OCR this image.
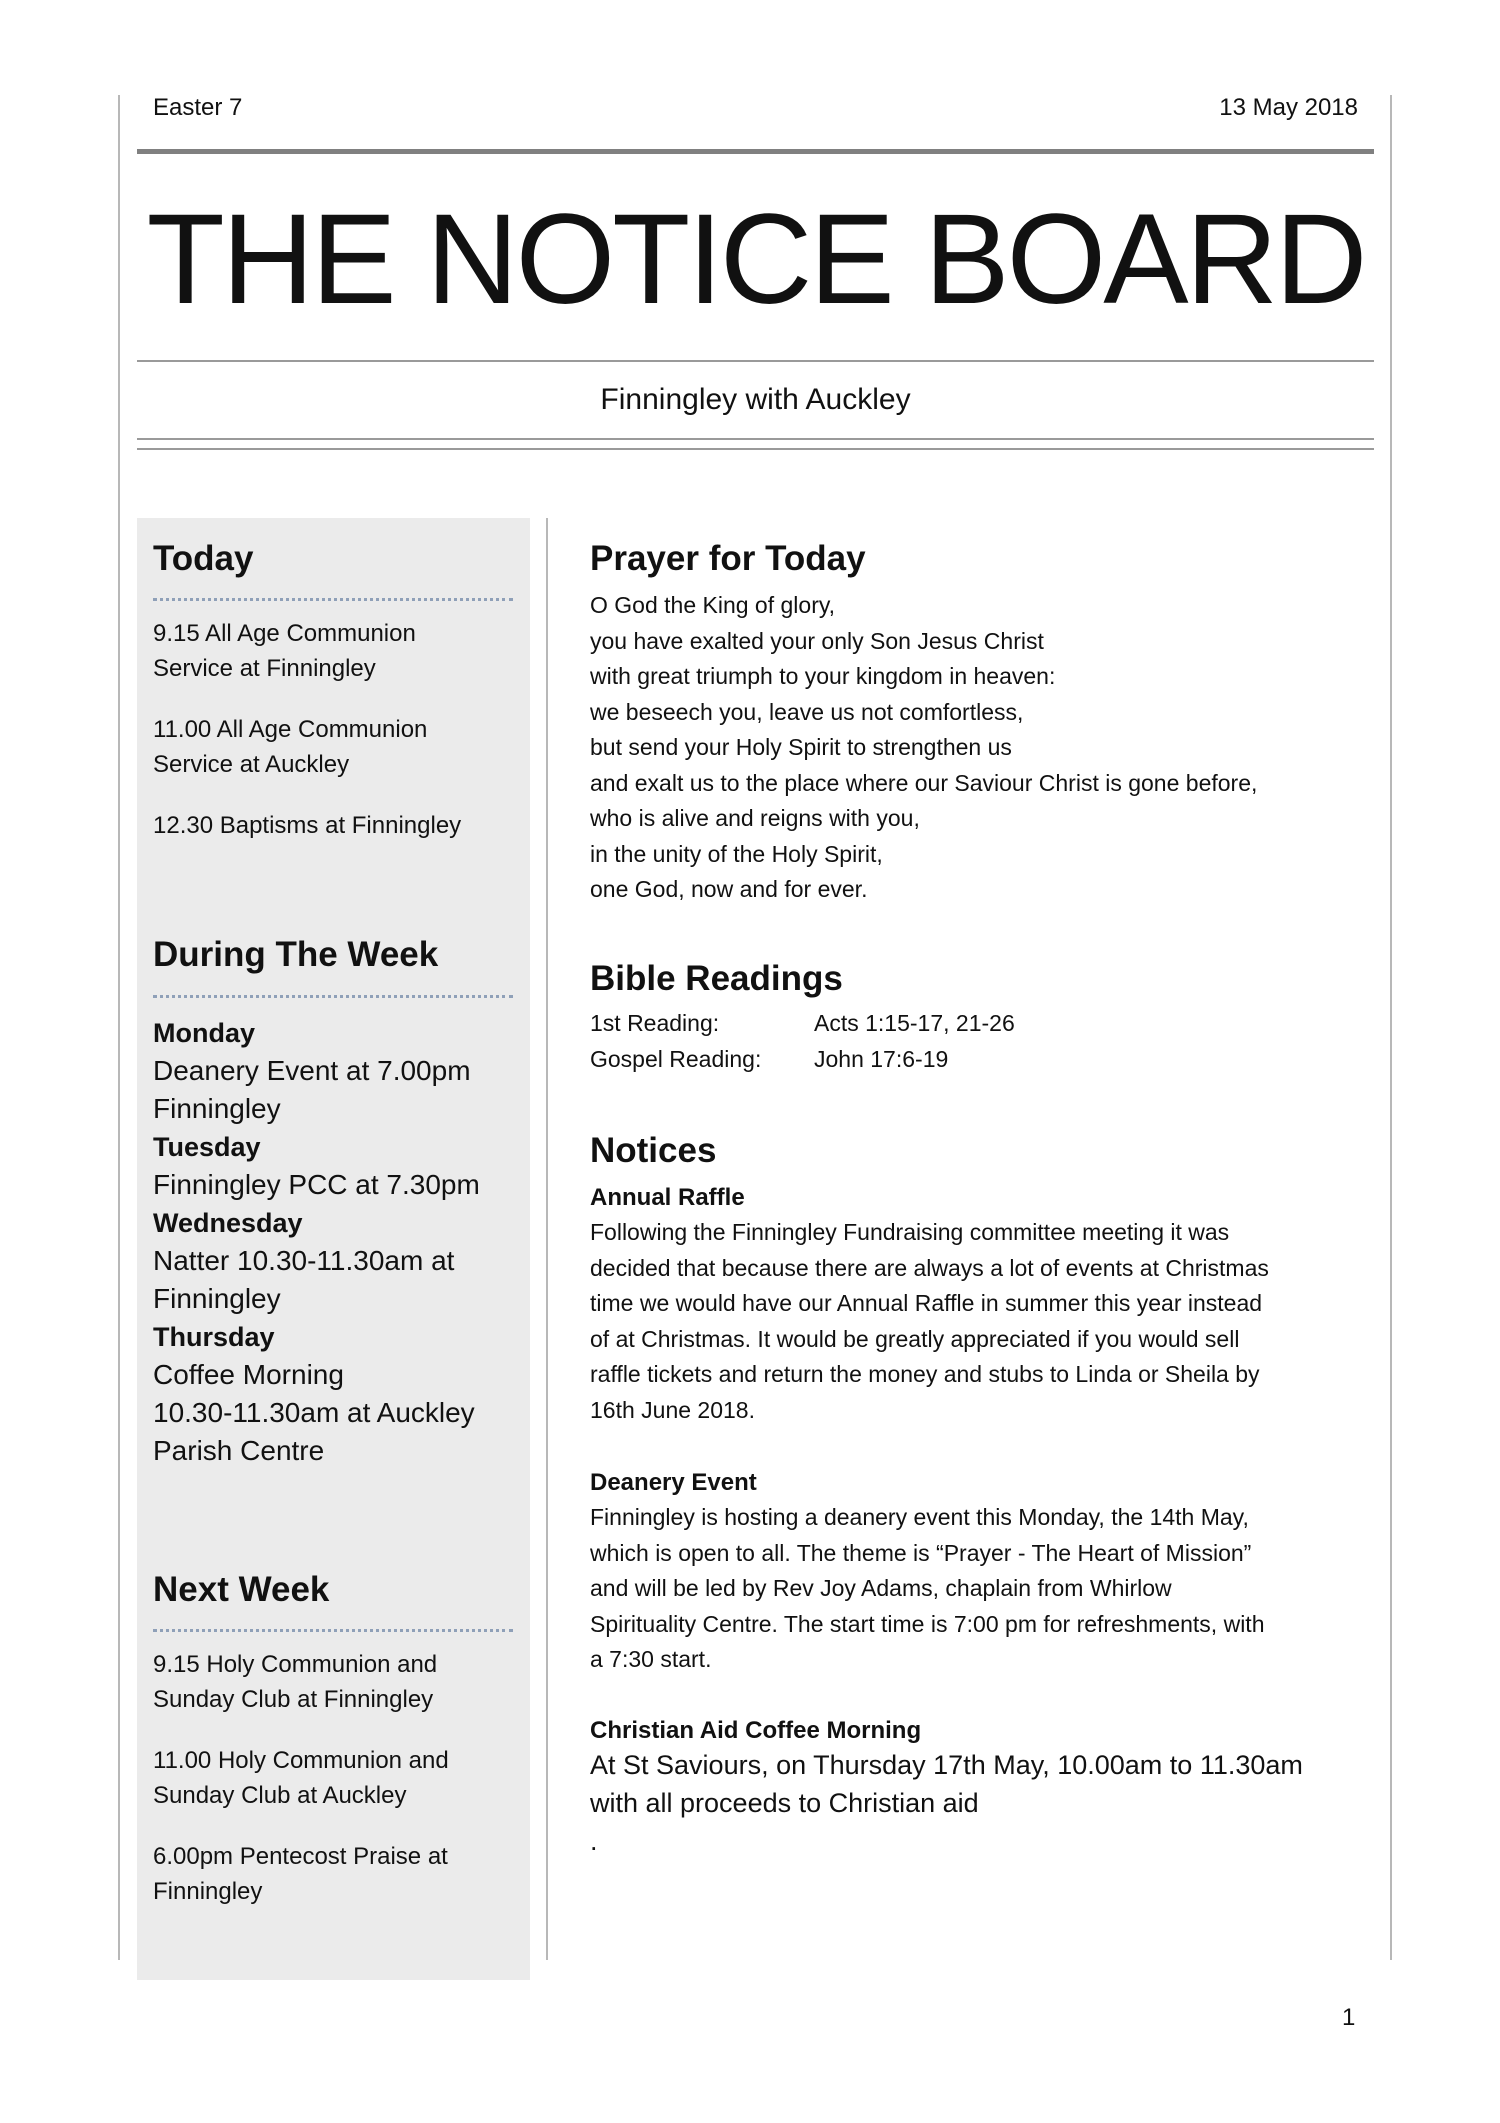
Easter 7	13 May 2018
THE NOTICE BOARD
Finningley with Auckley
Today
9.15 All Age Communion
Service at Finningley
11.00 All Age Communion
Service at Auckley
12.30 Baptisms at Finningley
During The Week
Monday
Deanery Event at 7.00pm
Finningley
Tuesday
Finningley PCC at 7.30pm
Wednesday
Natter 10.30-11.30am at
Finningley
Thursday
Coffee Morning
10.30-11.30am at Auckley
Parish Centre
Next Week
9.15 Holy Communion and
Sunday Club at Finningley
11.00 Holy Communion and
Sunday Club at Auckley
6.00pm Pentecost Praise at
Finningley
Prayer for Today
O God the King of glory,
you have exalted your only Son Jesus Christ
with great triumph to your kingdom in heaven:
we beseech you, leave us not comfortless,
but send your Holy Spirit to strengthen us
and exalt us to the place where our Saviour Christ is gone before,
who is alive and reigns with you,
in the unity of the Holy Spirit,
one God, now and for ever.
Bible Readings
1st Reading:	Acts 1:15-17, 21-26
Gospel Reading: John 17:6-19
Notices
Annual Raffle
Following the Finningley Fundraising committee meeting it was
decided that because there are always a lot of events at Christmas
time we would have our Annual Raffle in summer this year instead
of at Christmas. It would be greatly appreciated if you would sell
raffle tickets and return the money and stubs to Linda or Sheila by
16th June 2018.
Deanery Event
Finningley is hosting a deanery event this Monday, the 14th May,
which is open to all. The theme is “Prayer - The Heart of Mission”
and will be led by Rev Joy Adams, chaplain from Whirlow
Spirituality Centre. The start time is 7:00 pm for refreshments, with
a 7:30 start.
Christian Aid Coffee Morning
At St Saviours, on Thursday 17th May, 10.00am to 11.30am
with all proceeds to Christian aid
.
1
